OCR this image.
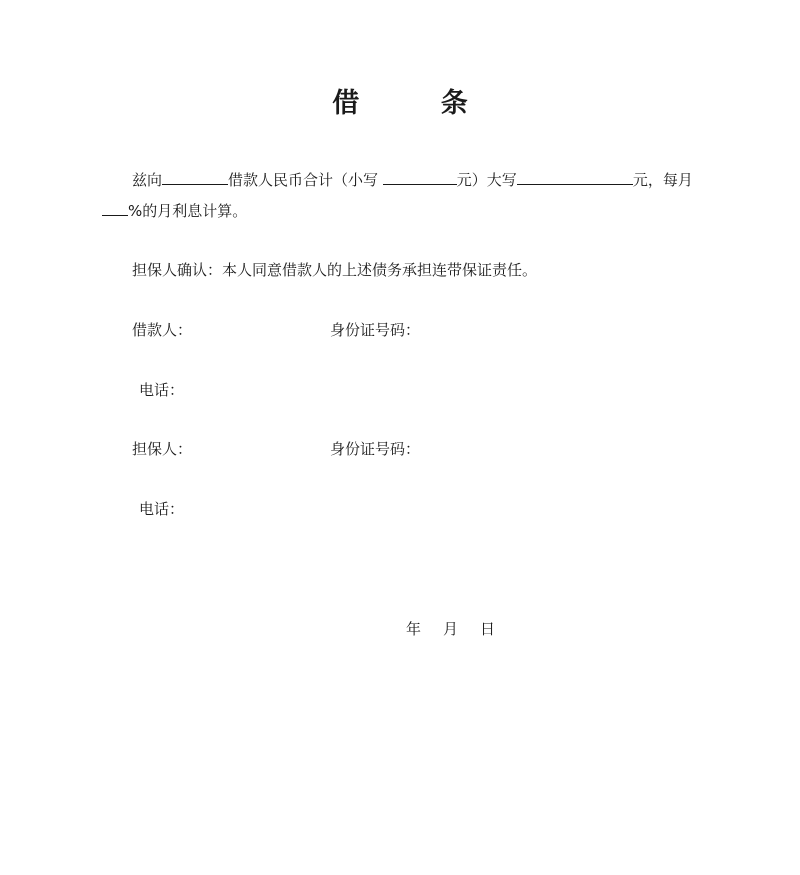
借 条
兹向	借款人民币合计（小写	元）大写	元，每月
%的月利息计算。
担保人确认：本人同意借款人的上述债务承担连带保证责任。
借款人：	身份证号码：
电话：
担保人：	身份证号码：
电话：
年 月 日
